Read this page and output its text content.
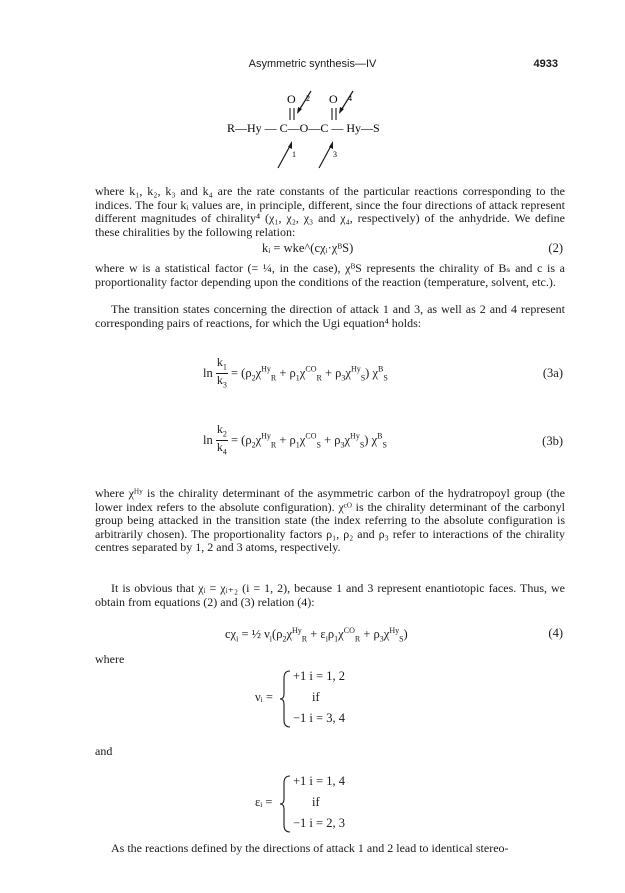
Asymmetric synthesis—IV	4933
O	O
2	4
R—Hy — C—O—C — Hy—S
1	3

where k₁, k₂, k₃ and k₄ are the rate constants of the particular reactions corresponding to the indices. The four kᵢ values are, in principle, different, since the four directions of attack represent different magnitudes of chirality⁴ (χ₁, χ₂, χ₃ and χ₄, respectively) of the anhydride. We define these chiralities by the following relation:

kᵢ = wke^(cχᵢ·χᴮS)	(2)

where w is a statistical factor (= ¼, in the case), χᴮS represents the chirality of Bₛ and c is a proportionality factor depending upon the conditions of the reaction (temperature, solvent, etc.).

The transition states concerning the direction of attack 1 and 3, as well as 2 and 4 represent corresponding pairs of reactions, for which the Ugi equation⁴ holds:

$\ln \frac{k_1}{k_3} = (\rho_2\chi^{Hy}_R + \rho_1\chi^{CO}_R + \rho_3\chi^{Hy}_S)$ $\chi^B_S$	(3a)
$\ln \frac{k_2}{k_4} = (\rho_2\chi^{Hy}_R + \rho_1\chi^{CO}_S + \rho_3\chi^{Hy}_S)$ $\chi^B_S$	(3b)

where χᴴʸ is the chirality determinant of the asymmetric carbon of the hydratropoyl group (the lower index refers to the absolute configuration). χᶜᴼ is the chirality determinant of the carbonyl group being attacked in the transition state (the index referring to the absolute configuration is arbitrarily chosen). The proportionality factors ρ₁, ρ₂ and ρ₃ refer to interactions of the chirality centres separated by 1, 2 and 3 atoms, respectively.

It is obvious that χᵢ = χᵢ₊₂ (i = 1, 2), because 1 and 3 represent enantiotopic faces. Thus, we obtain from equations (2) and (3) relation (4):

$c\chi_i$ = ½ $\nu_i(\rho_2\chi^{Hy}_R + \varepsilon_i\rho_1\chi^{CO}_R + \rho_3\chi^{Hy}_S)$	(4)
where
νᵢ =
+1 i = 1, 2
if
−1 i = 3, 4
and
εᵢ =
+1 i = 1, 4
if
−1 i = 2, 3

As the reactions defined by the directions of attack 1 and 2 lead to identical stereo-
